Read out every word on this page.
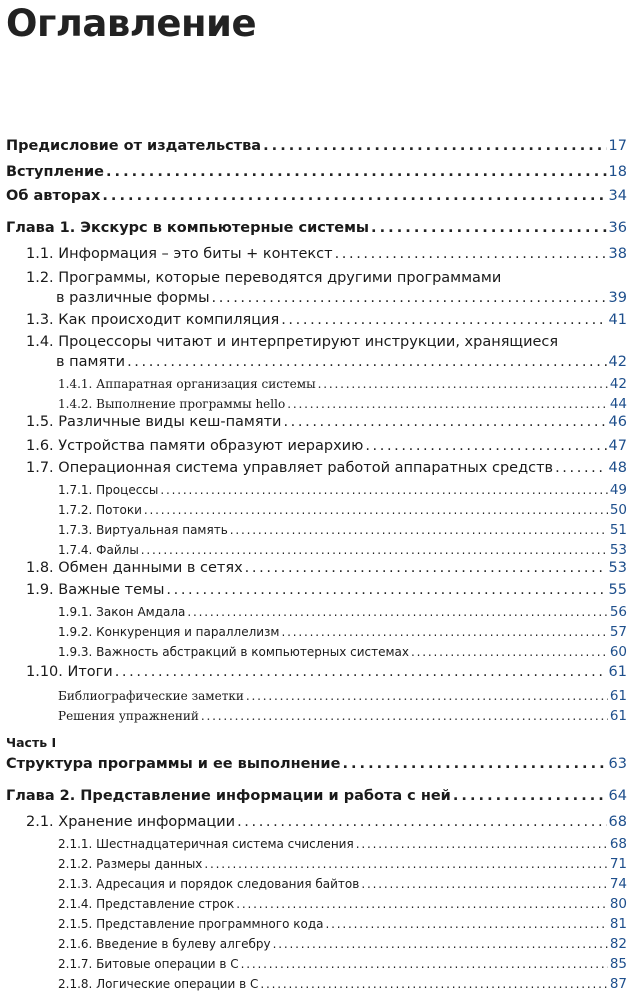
Оглавление
Часть I
Предисловие от издательства . . .	17
Вступление . . .	18
Об авторах . . .	34
Глава 1. Экскурс в компьютерные системы . . .	36
1.1. Информация – это биты + контекст . . .	38
1.2. Программы, которые переводятся другими программами
в различные формы . . .	39
1.3. Как происходит компиляция . . .	41
1.4. Процессоры читают и интерпретируют инструкции, хранящиеся
в памяти . . .	42
1.4.1. Аппаратная организация системы . . .	42
1.4.2. Выполнение программы hello . . .	44
1.5. Различные виды кеш-памяти . . .	46
1.6. Устройства памяти образуют иерархию . . .	47
1.7. Операционная система управляет работой аппаратных средств . . .	48
1.7.1. Процессы . . .	49
1.7.2. Потоки . . .	50
1.7.3. Виртуальная память . . .	51
1.7.4. Файлы . . .	53
1.8. Обмен данными в сетях . . .	53
1.9. Важные темы . . .	55
1.9.1. Закон Амдала . . .	56
1.9.2. Конкуренция и параллелизм . . .	57
1.9.3. Важность абстракций в компьютерных системах . . .	60
1.10. Итоги . . .	61
Библиографические заметки . . .	61
Решения упражнений . . .	61
Структура программы и ее выполнение . . .	63
Глава 2. Представление информации и работа с ней . . .	64
2.1. Хранение информации . . .	68
2.1.1. Шестнадцатеричная система счисления . . .	68
2.1.2. Размеры данных . . .	71
2.1.3. Адресация и порядок следования байтов . . .	74
2.1.4. Представление строк . . .	80
2.1.5. Представление программного кода . . .	81
2.1.6. Введение в булеву алгебру . . .	82
2.1.7. Битовые операции в С . . .	85
2.1.8. Логические операции в С . . .	87
